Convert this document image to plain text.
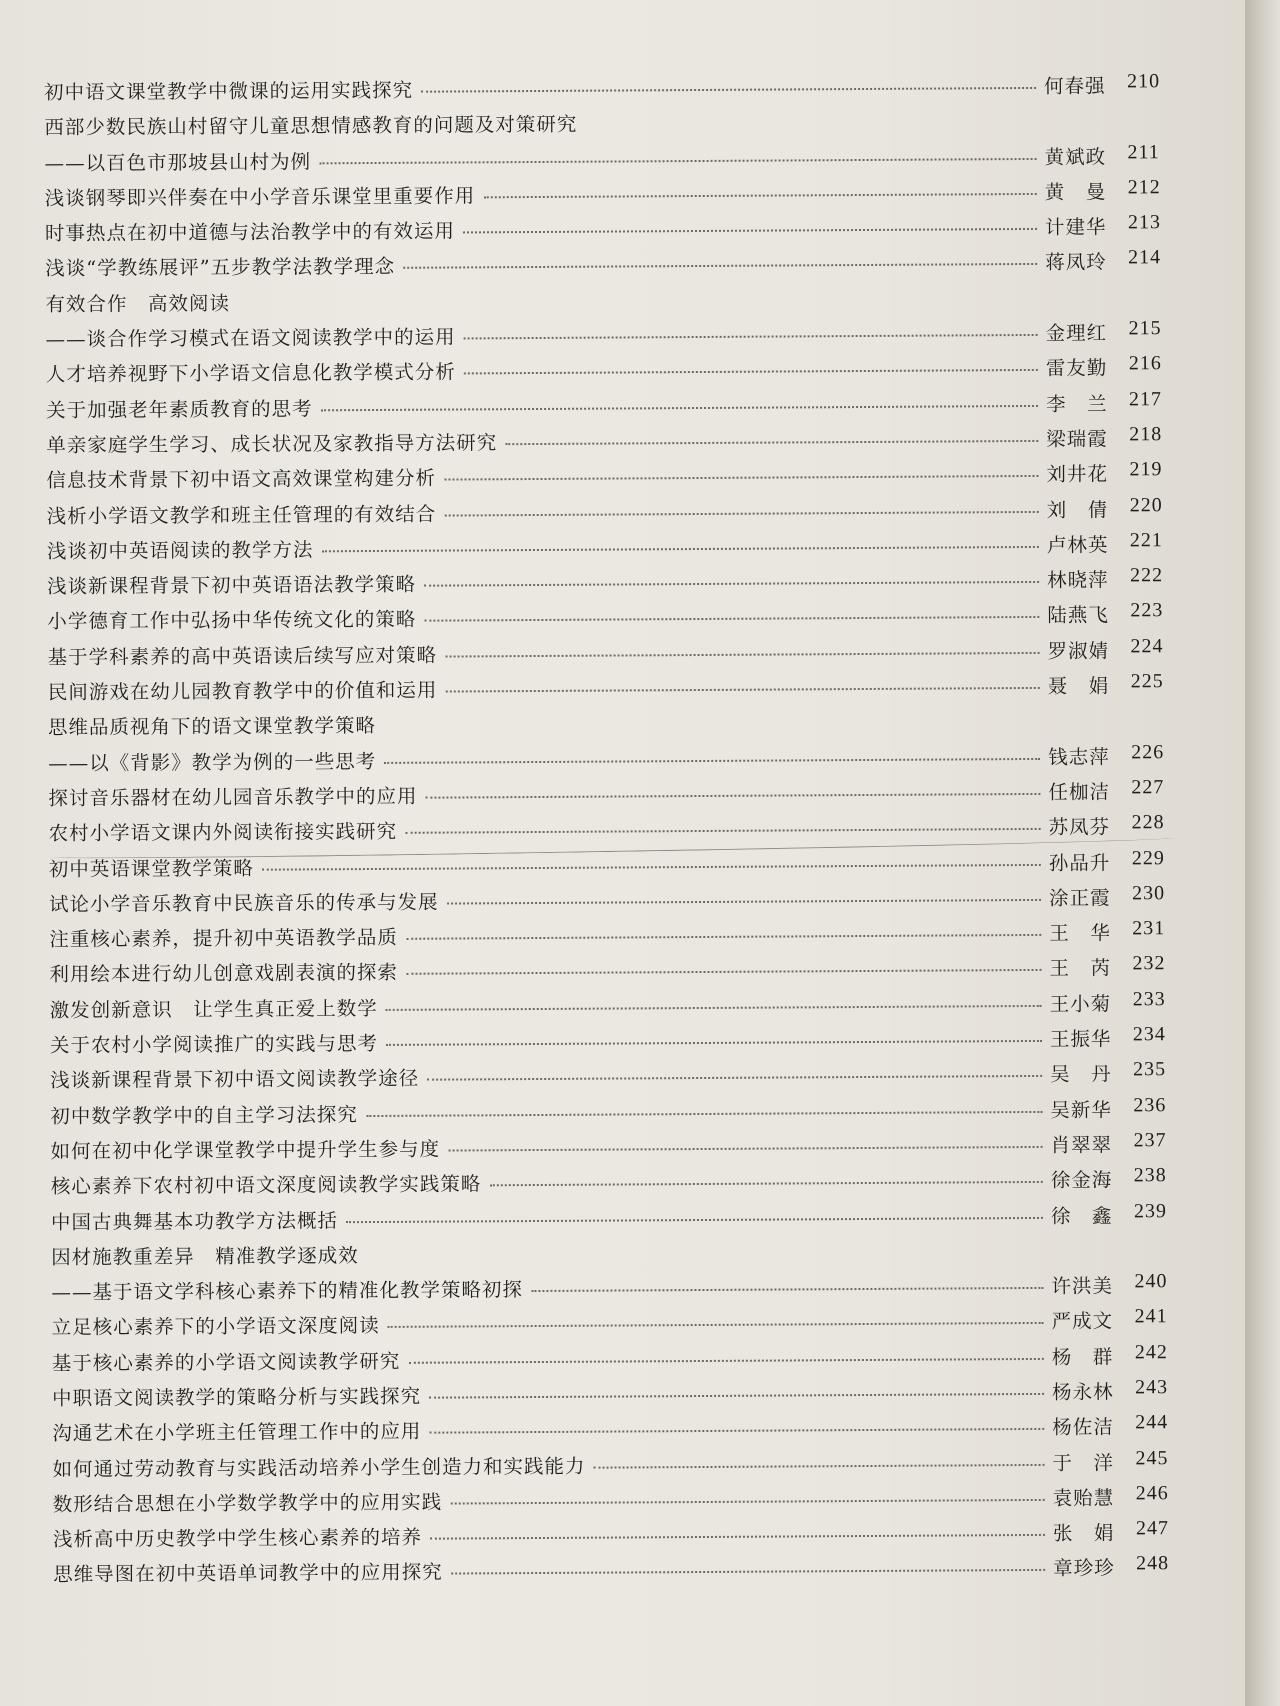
初中语文课堂教学中微课的运用实践探究	何春强 210
西部少数民族山村留守儿童思想情感教育的问题及对策研究
——以百色市那坡县山村为例	黄斌政 211
浅谈钢琴即兴伴奏在中小学音乐课堂里重要作用	黄　曼 212
时事热点在初中道德与法治教学中的有效运用	计建华 213
浅谈“学教练展评”五步教学法教学理念	蒋凤玲 214
有效合作　高效阅读
——谈合作学习模式在语文阅读教学中的运用	金理红 215
人才培养视野下小学语文信息化教学模式分析	雷友勤 216
关于加强老年素质教育的思考	李　兰 217
单亲家庭学生学习、成长状况及家教指导方法研究	梁瑞霞 218
信息技术背景下初中语文高效课堂构建分析	刘井花 219
浅析小学语文教学和班主任管理的有效结合	刘　倩 220
浅谈初中英语阅读的教学方法	卢林英 221
浅谈新课程背景下初中英语语法教学策略	林晓萍 222
小学德育工作中弘扬中华传统文化的策略	陆燕飞 223
基于学科素养的高中英语读后续写应对策略	罗淑婧 224
民间游戏在幼儿园教育教学中的价值和运用	聂　娟 225
思维品质视角下的语文课堂教学策略
——以《背影》教学为例的一些思考	钱志萍 226
探讨音乐器材在幼儿园音乐教学中的应用	任枷洁 227
农村小学语文课内外阅读衔接实践研究	苏凤芬 228
初中英语课堂教学策略	孙品升 229
试论小学音乐教育中民族音乐的传承与发展	涂正霞 230
注重核心素养，提升初中英语教学品质	王　华 231
利用绘本进行幼儿创意戏剧表演的探索	王　芮 232
激发创新意识　让学生真正爱上数学	王小菊 233
关于农村小学阅读推广的实践与思考	王振华 234
浅谈新课程背景下初中语文阅读教学途径	吴　丹 235
初中数学教学中的自主学习法探究	吴新华 236
如何在初中化学课堂教学中提升学生参与度	肖翠翠 237
核心素养下农村初中语文深度阅读教学实践策略	徐金海 238
中国古典舞基本功教学方法概括	徐　鑫 239
因材施教重差异　精准教学逐成效
——基于语文学科核心素养下的精准化教学策略初探	许洪美 240
立足核心素养下的小学语文深度阅读	严成文 241
基于核心素养的小学语文阅读教学研究	杨　群 242
中职语文阅读教学的策略分析与实践探究	杨永林 243
沟通艺术在小学班主任管理工作中的应用	杨佐洁 244
如何通过劳动教育与实践活动培养小学生创造力和实践能力	于　洋 245
数形结合思想在小学数学教学中的应用实践	袁贻慧 246
浅析高中历史教学中学生核心素养的培养	张　娟 247
思维导图在初中英语单词教学中的应用探究	章珍珍 248
